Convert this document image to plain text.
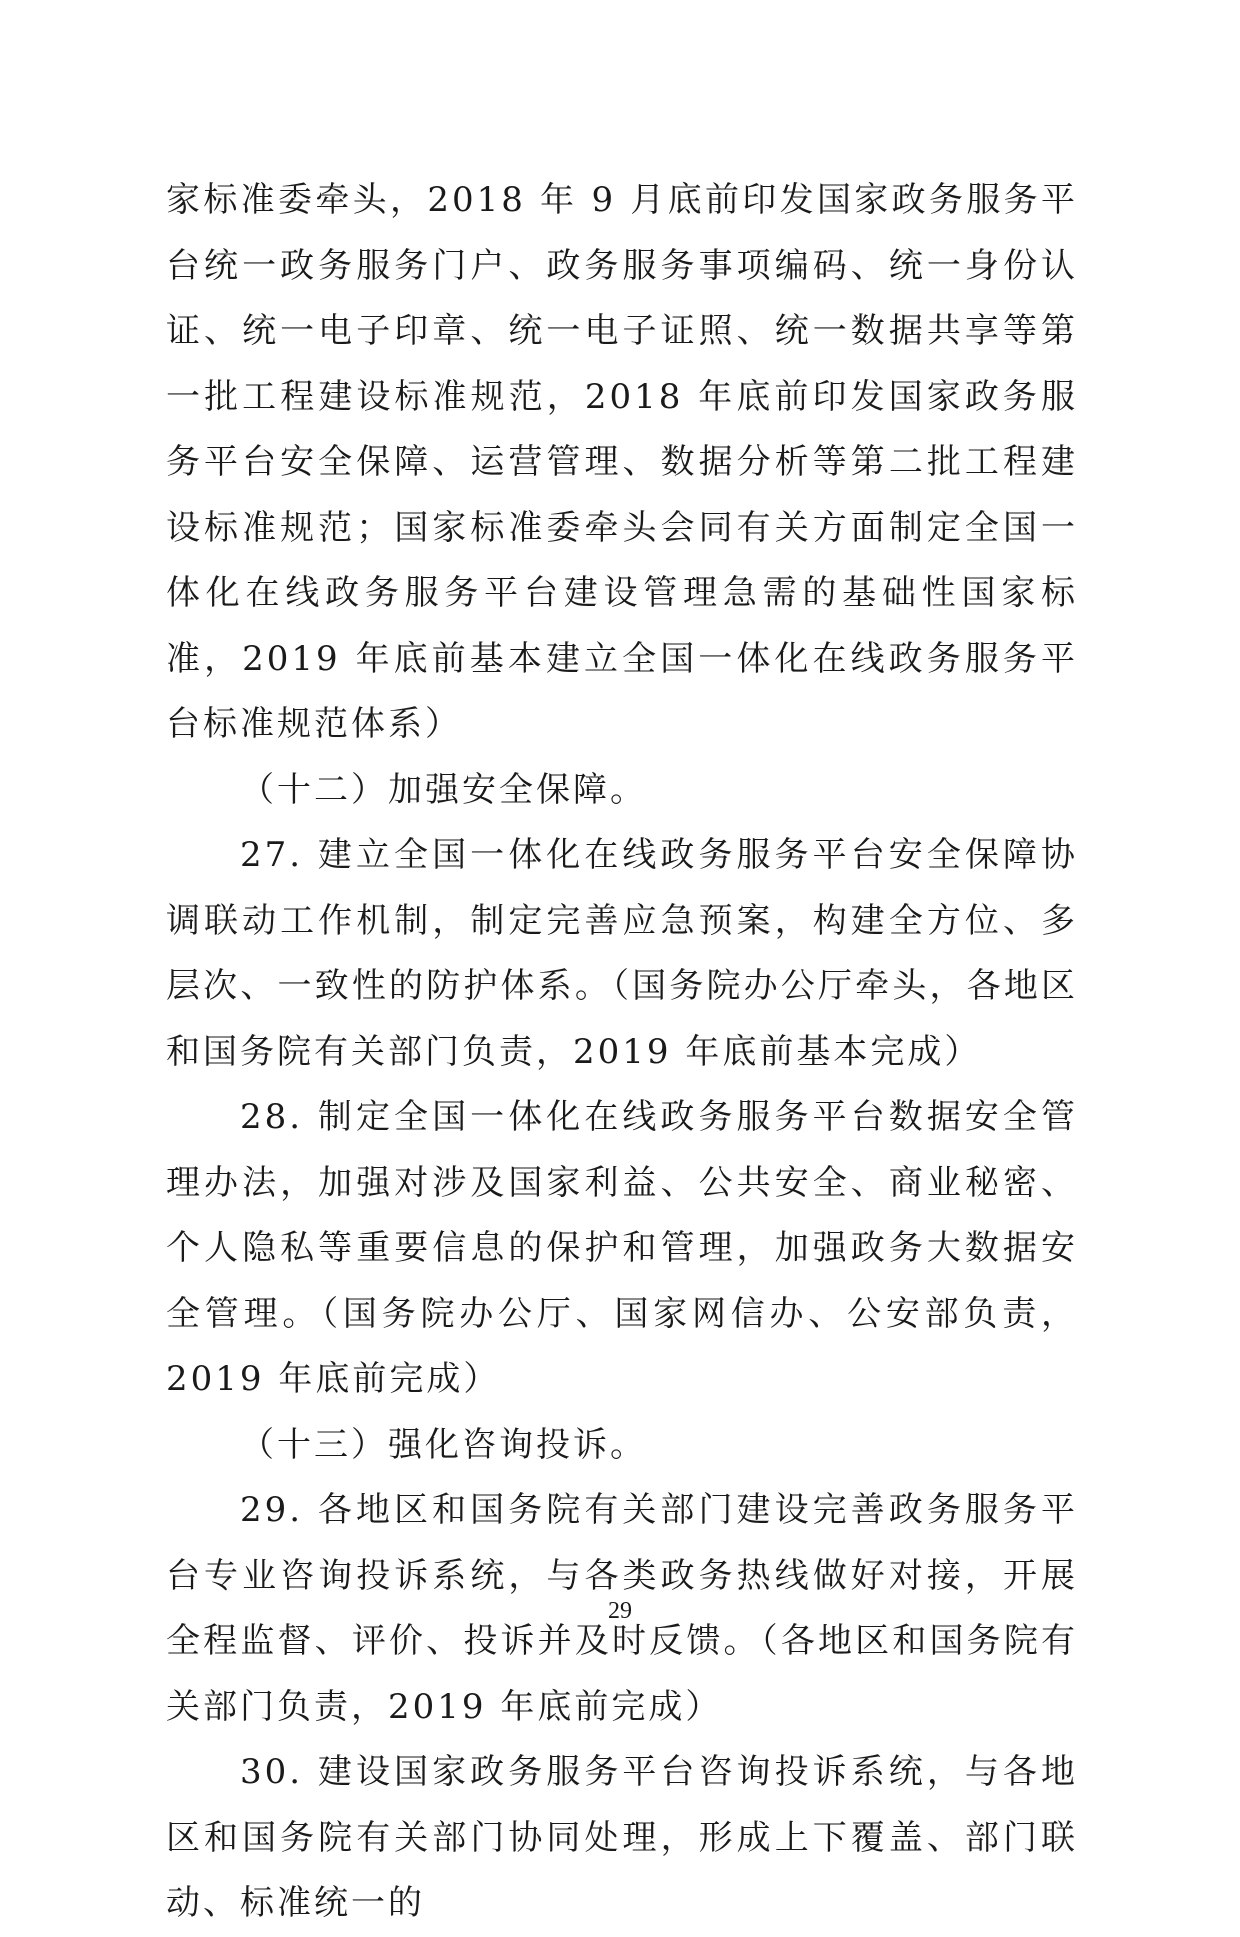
家标准委牵头，2018 年 9 月底前印发国家政务服务平台统一政务服务门户、政务服务事项编码、统一身份认证、统一电子印章、统一电子证照、统一数据共享等第一批工程建设标准规范，2018 年底前印发国家政务服务平台安全保障、运营管理、数据分析等第二批工程建设标准规范；国家标准委牵头会同有关方面制定全国一体化在线政务服务平台建设管理急需的基础性国家标准，2019 年底前基本建立全国一体化在线政务服务平台标准规范体系）

（十二）加强安全保障。

27. 建立全国一体化在线政务服务平台安全保障协调联动工作机制，制定完善应急预案，构建全方位、多层次、一致性的防护体系。（国务院办公厅牵头，各地区和国务院有关部门负责，2019 年底前基本完成）

28. 制定全国一体化在线政务服务平台数据安全管理办法，加强对涉及国家利益、公共安全、商业秘密、个人隐私等重要信息的保护和管理，加强政务大数据安全管理。（国务院办公厅、国家网信办、公安部负责，2019 年底前完成）

（十三）强化咨询投诉。

29. 各地区和国务院有关部门建设完善政务服务平台专业咨询投诉系统，与各类政务热线做好对接，开展全程监督、评价、投诉并及时反馈。（各地区和国务院有关部门负责，2019 年底前完成）

30. 建设国家政务服务平台咨询投诉系统，与各地区和国务院有关部门协同处理，形成上下覆盖、部门联动、标准统一的

29
